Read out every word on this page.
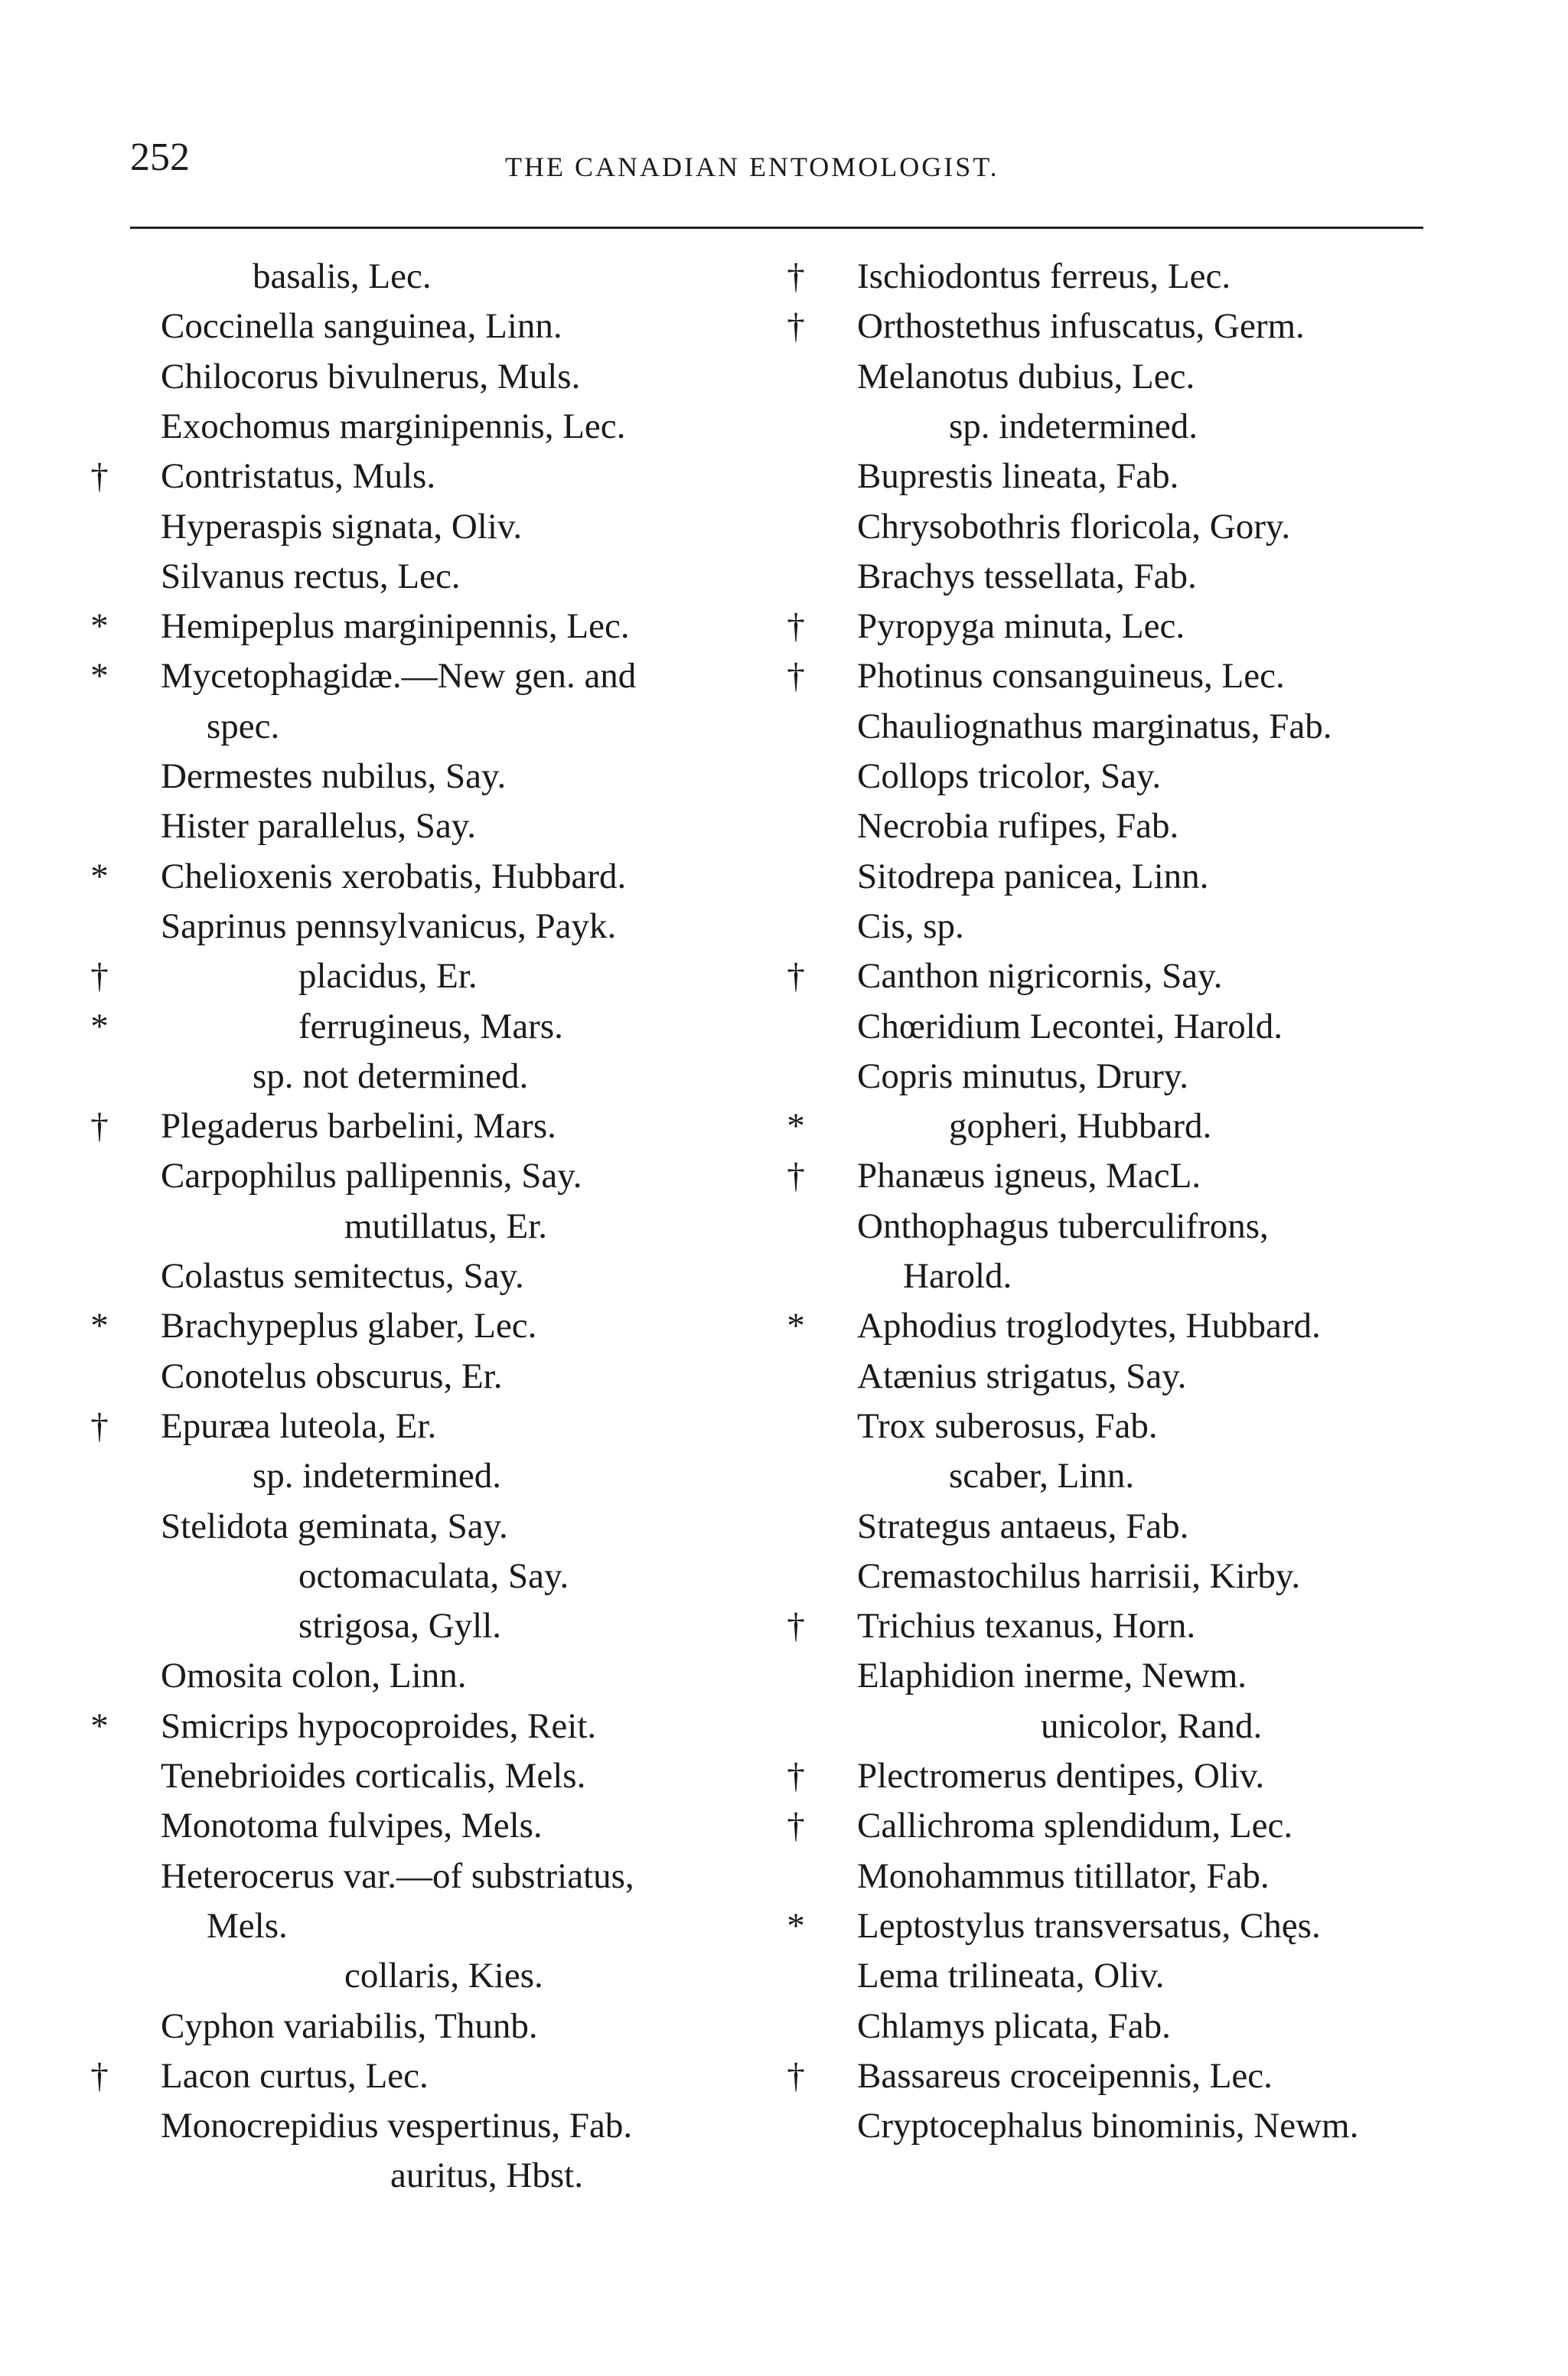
252	THE CANADIAN ENTOMOLOGIST.
basalis, Lec.
Coccinella sanguinea, Linn.
Chilocorus bivulnerus, Muls.
Exochomus marginipennis, Lec.
† Contristatus, Muls.
Hyperaspis signata, Oliv.
Silvanus rectus, Lec.
* Hemipeplus marginipennis, Lec.
* Mycetophagidæ.—New gen. and
spec.
Dermestes nubilus, Say.
Hister parallelus, Say.
* Chelioxenis xerobatis, Hubbard.
Saprinus pennsylvanicus, Payk.
†	placidus, Er.
*	ferrugineus, Mars.
sp. not determined.
† Plegaderus barbelini, Mars.
Carpophilus pallipennis, Say.
mutillatus, Er.
Colastus semitectus, Say.
* Brachypeplus glaber, Lec.
Conotelus obscurus, Er.
† Epuræa luteola, Er.
sp. indetermined.
Stelidota geminata, Say.
octomaculata, Say.
strigosa, Gyll.
Omosita colon, Linn.
* Smicrips hypocoproides, Reit.
Tenebrioides corticalis, Mels.
Monotoma fulvipes, Mels.
Heterocerus var.—of substriatus,
Mels.
collaris, Kies.
Cyphon variabilis, Thunb.
† Lacon curtus, Lec.
Monocrepidius vespertinus, Fab.
auritus, Hbst.
† Ischiodontus ferreus, Lec.
† Orthostethus infuscatus, Germ.
Melanotus dubius, Lec.
sp. indetermined.
Buprestis lineata, Fab.
Chrysobothris floricola, Gory.
Brachys tessellata, Fab.
† Pyropyga minuta, Lec.
† Photinus consanguineus, Lec.
Chauliognathus marginatus, Fab.
Collops tricolor, Say.
Necrobia rufipes, Fab.
Sitodrepa panicea, Linn.
Cis, sp.
† Canthon nigricornis, Say.
Chœridium Lecontei, Harold.
Copris minutus, Drury.
*	gopheri, Hubbard.
† Phanæus igneus, MacL.
Onthophagus tuberculifrons,
Harold.
* Aphodius troglodytes, Hubbard.
Atænius strigatus, Say.
Trox suberosus, Fab.
scaber, Linn.
Strategus antaeus, Fab.
Cremastochilus harrisii, Kirby.
† Trichius texanus, Horn.
Elaphidion inerme, Newm.
unicolor, Rand.
† Plectromerus dentipes, Oliv.
† Callichroma splendidum, Lec.
Monohammus titillator, Fab.
* Leptostylus transversatus, Chęs.
Lema trilineata, Oliv.
Chlamys plicata, Fab.
† Bassareus croceipennis, Lec.
Cryptocephalus binominis, Newm.
